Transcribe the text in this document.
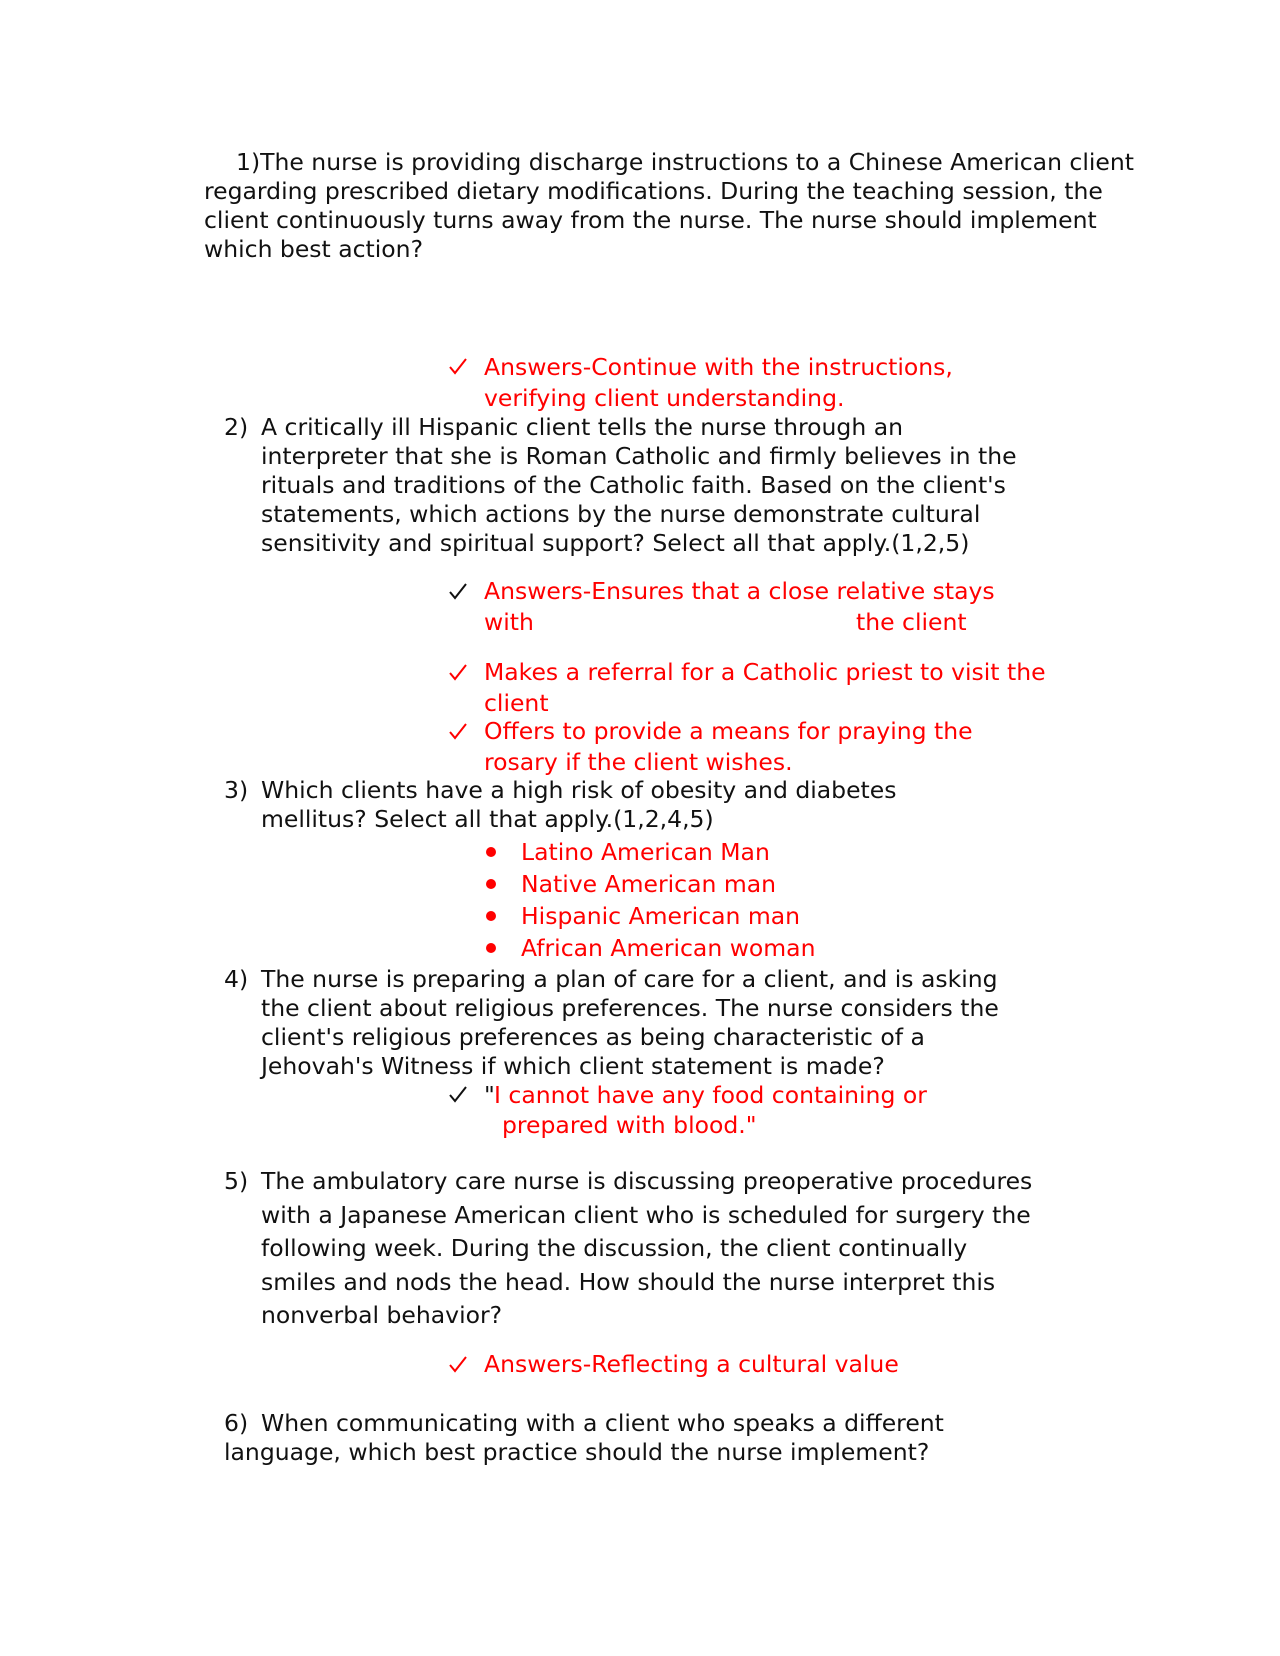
1)The nurse is providing discharge instructions to a Chinese American client
regarding prescribed dietary modifications. During the teaching session, the
client continuously turns away from the nurse. The nurse should implement
which best action?
Answers-Continue with the instructions,
verifying client understanding.
2) A critically ill Hispanic client tells the nurse through an
interpreter that she is Roman Catholic and firmly believes in the
rituals and traditions of the Catholic faith. Based on the client's
statements, which actions by the nurse demonstrate cultural
sensitivity and spiritual support? Select all that apply.(1,2,5)
Answers-Ensures that a close relative stays
with	the client
Makes a referral for a Catholic priest to visit the
client
Offers to provide a means for praying the
rosary if the client wishes.
3) Which clients have a high risk of obesity and diabetes
mellitus? Select all that apply.(1,2,4,5)
Latino American Man
Native American man
Hispanic American man
African American woman
4) The nurse is preparing a plan of care for a client, and is asking
the client about religious preferences. The nurse considers the
client's religious preferences as being characteristic of a
Jehovah's Witness if which client statement is made?
" I cannot have any food containing or
prepared with blood."
5) The ambulatory care nurse is discussing preoperative procedures
with a Japanese American client who is scheduled for surgery the
following week. During the discussion, the client continually
smiles and nods the head. How should the nurse interpret this
nonverbal behavior?
Answers-Reflecting a cultural value
6) When communicating with a client who speaks a different
language, which best practice should the nurse implement?
